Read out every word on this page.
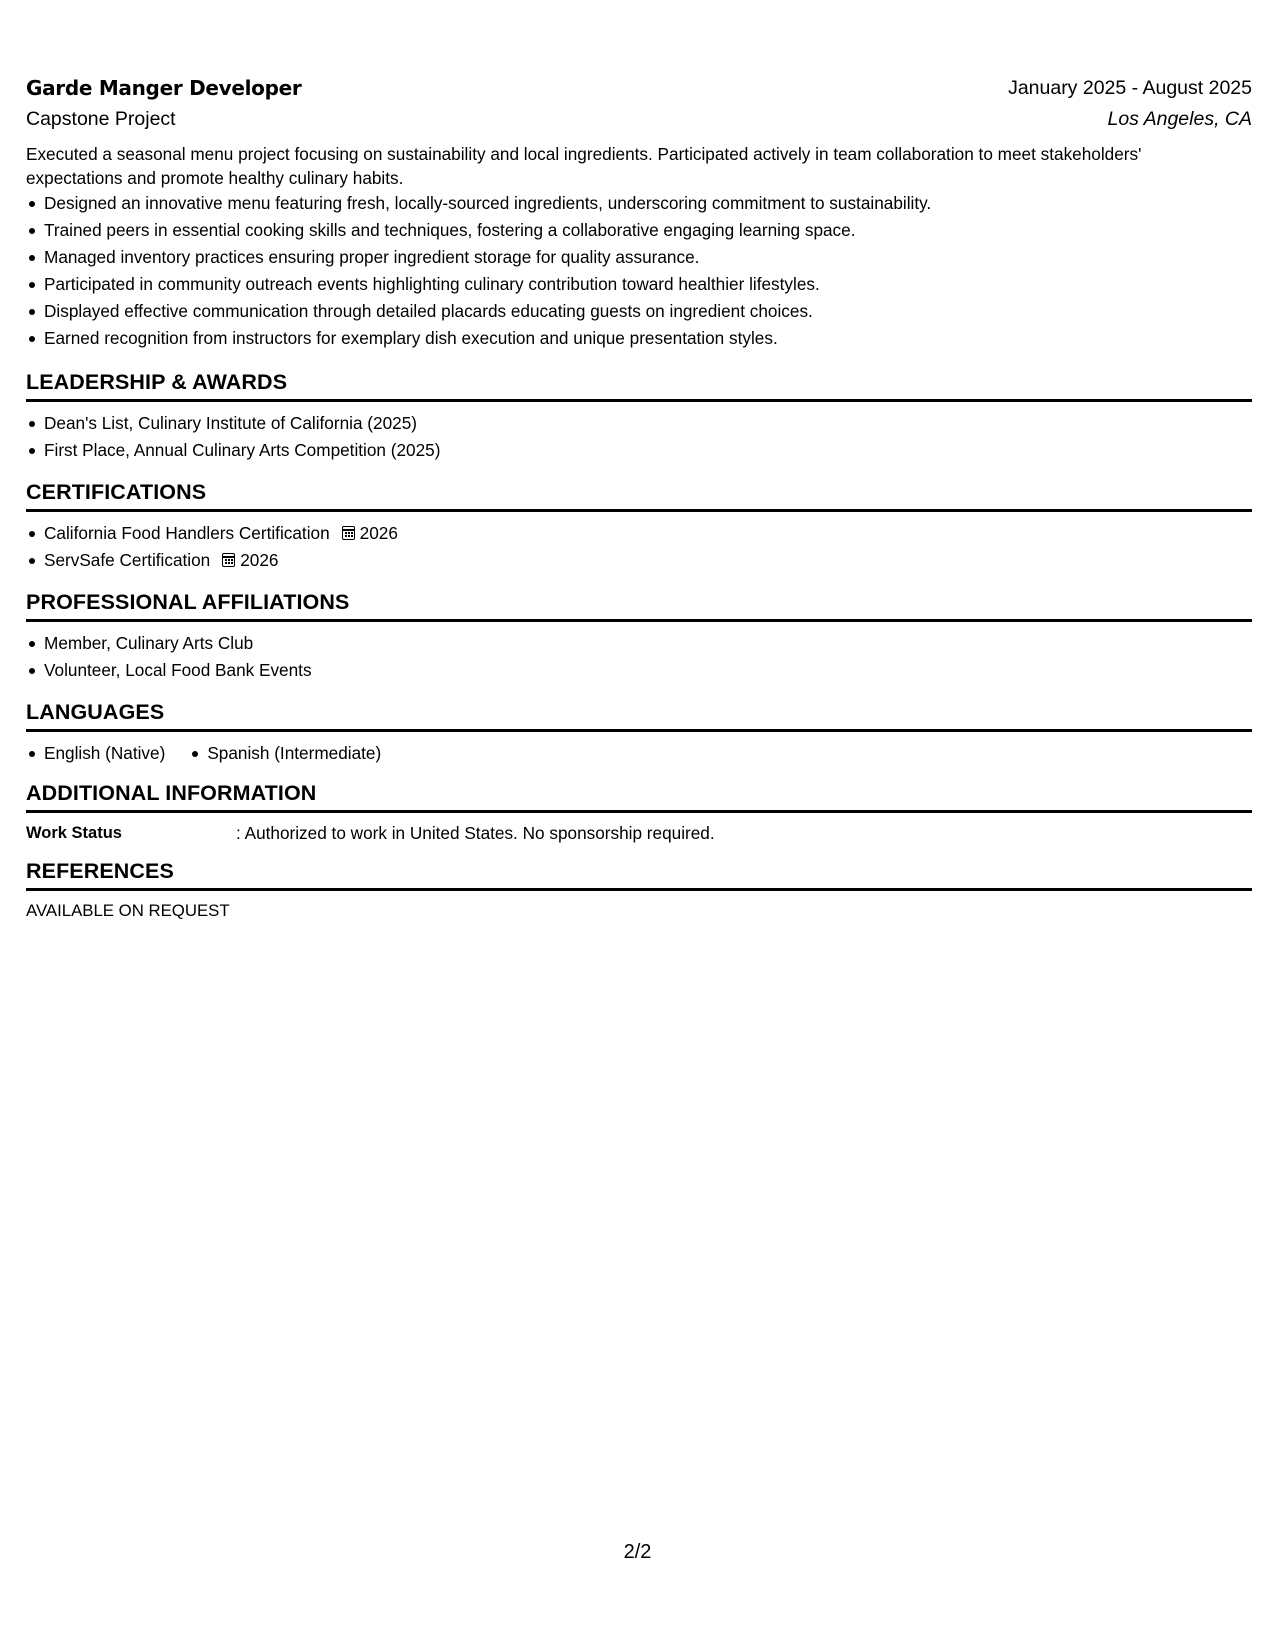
Garde Manger Developer	January 2025 - August 2025
Capstone Project	Los Angeles, CA
Executed a seasonal menu project focusing on sustainability and local ingredients. Participated actively in team collaboration to meet stakeholders' expectations and promote healthy culinary habits.
Designed an innovative menu featuring fresh, locally-sourced ingredients, underscoring commitment to sustainability.
Trained peers in essential cooking skills and techniques, fostering a collaborative engaging learning space.
Managed inventory practices ensuring proper ingredient storage for quality assurance.
Participated in community outreach events highlighting culinary contribution toward healthier lifestyles.
Displayed effective communication through detailed placards educating guests on ingredient choices.
Earned recognition from instructors for exemplary dish execution and unique presentation styles.
LEADERSHIP & AWARDS
Dean's List, Culinary Institute of California (2025)
First Place, Annual Culinary Arts Competition (2025)
CERTIFICATIONS
California Food Handlers Certification 2026
ServSafe Certification 2026
PROFESSIONAL AFFILIATIONS
Member, Culinary Arts Club
Volunteer, Local Food Bank Events
LANGUAGES
English (Native) Spanish (Intermediate)
ADDITIONAL INFORMATION
Work Status	: Authorized to work in United States. No sponsorship required.
REFERENCES
AVAILABLE ON REQUEST
2/2
